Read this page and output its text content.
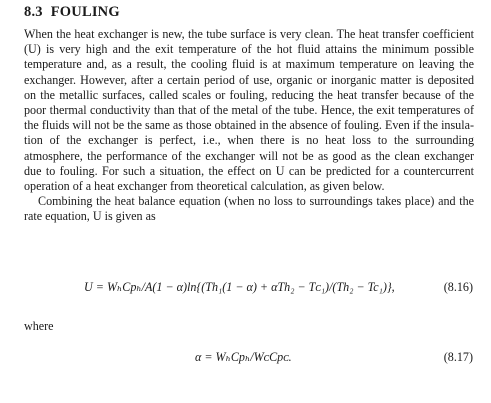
8.3 FOULING

When the heat exchanger is new, the tube surface is very clean. The heat transfer coefficient (U) is very high and the exit temperature of the hot fluid attains the minimum possible temperature and, as a result, the cooling fluid is at maximum temperature on leaving the exchanger. However, after a certain period of use, organic or inorganic matter is deposited on the metallic surfaces, called scales or fouling, reducing the heat transfer because of the poor thermal conductivity than that of the metal of the tube. Hence, the exit temperatures of the fluids will not be the same as those obtained in the absence of fouling. Even if the insulation of the exchanger is perfect, i.e., when there is no heat loss to the surrounding atmosphere, the performance of the exchanger will not be as good as the clean exchanger due to fouling. For such a situation, the effect on U can be predicted for a countercurrent operation of a heat exchanger from theoretical calculation, as given below.

Combining the heat balance equation (when no loss to surroundings takes place) and the rate equation, U is given as

U = WₕCpₕ/A(1 − α)ln{(Th₁(1 − α) + αTh₂ − Tᴄ₁)/(Th₂ − Tc₁)},	(8.16)
where
α = WₕCpₕ/WᴄCpᴄ.	(8.17)
